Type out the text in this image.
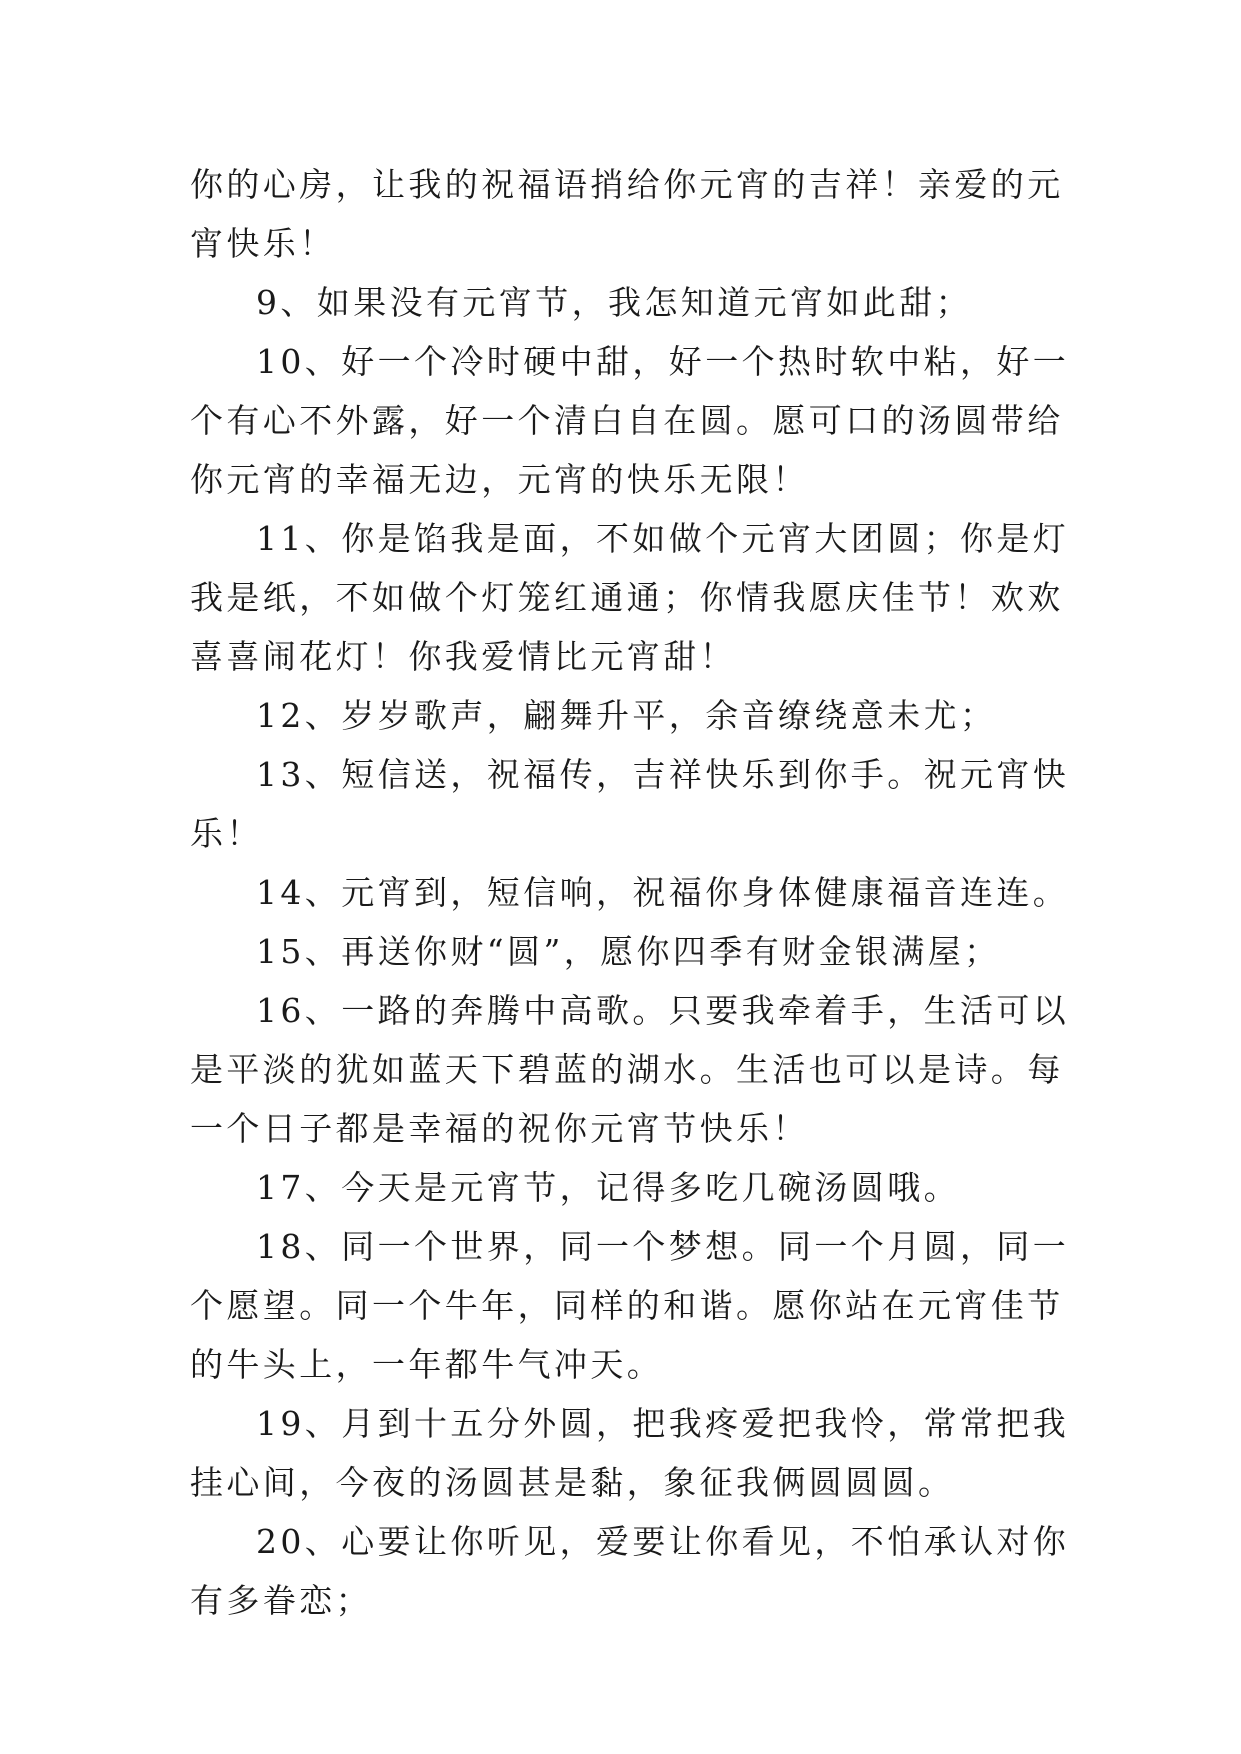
你的心房，让我的祝福语捎给你元宵的吉祥！亲爱的元宵快乐！

9、如果没有元宵节，我怎知道元宵如此甜；

10、好一个冷时硬中甜，好一个热时软中粘，好一个有心不外露，好一个清白自在圆。愿可口的汤圆带给你元宵的幸福无边，元宵的快乐无限！

11、你是馅我是面，不如做个元宵大团圆；你是灯我是纸，不如做个灯笼红通通；你情我愿庆佳节！欢欢喜喜闹花灯！你我爱情比元宵甜！

12、岁岁歌声，翩舞升平，余音缭绕意未尤；

13、短信送，祝福传，吉祥快乐到你手。祝元宵快乐！

14、元宵到，短信响，祝福你身体健康福音连连。

15、再送你财“圆”，愿你四季有财金银满屋；

16、一路的奔腾中高歌。只要我牵着手，生活可以是平淡的犹如蓝天下碧蓝的湖水。生活也可以是诗。每一个日子都是幸福的祝你元宵节快乐！

17、今天是元宵节，记得多吃几碗汤圆哦。

18、同一个世界，同一个梦想。同一个月圆，同一个愿望。同一个牛年，同样的和谐。愿你站在元宵佳节的牛头上，一年都牛气冲天。

19、月到十五分外圆，把我疼爱把我怜，常常把我挂心间，今夜的汤圆甚是黏，象征我俩圆圆圆。

20、心要让你听见，爱要让你看见，不怕承认对你有多眷恋；
